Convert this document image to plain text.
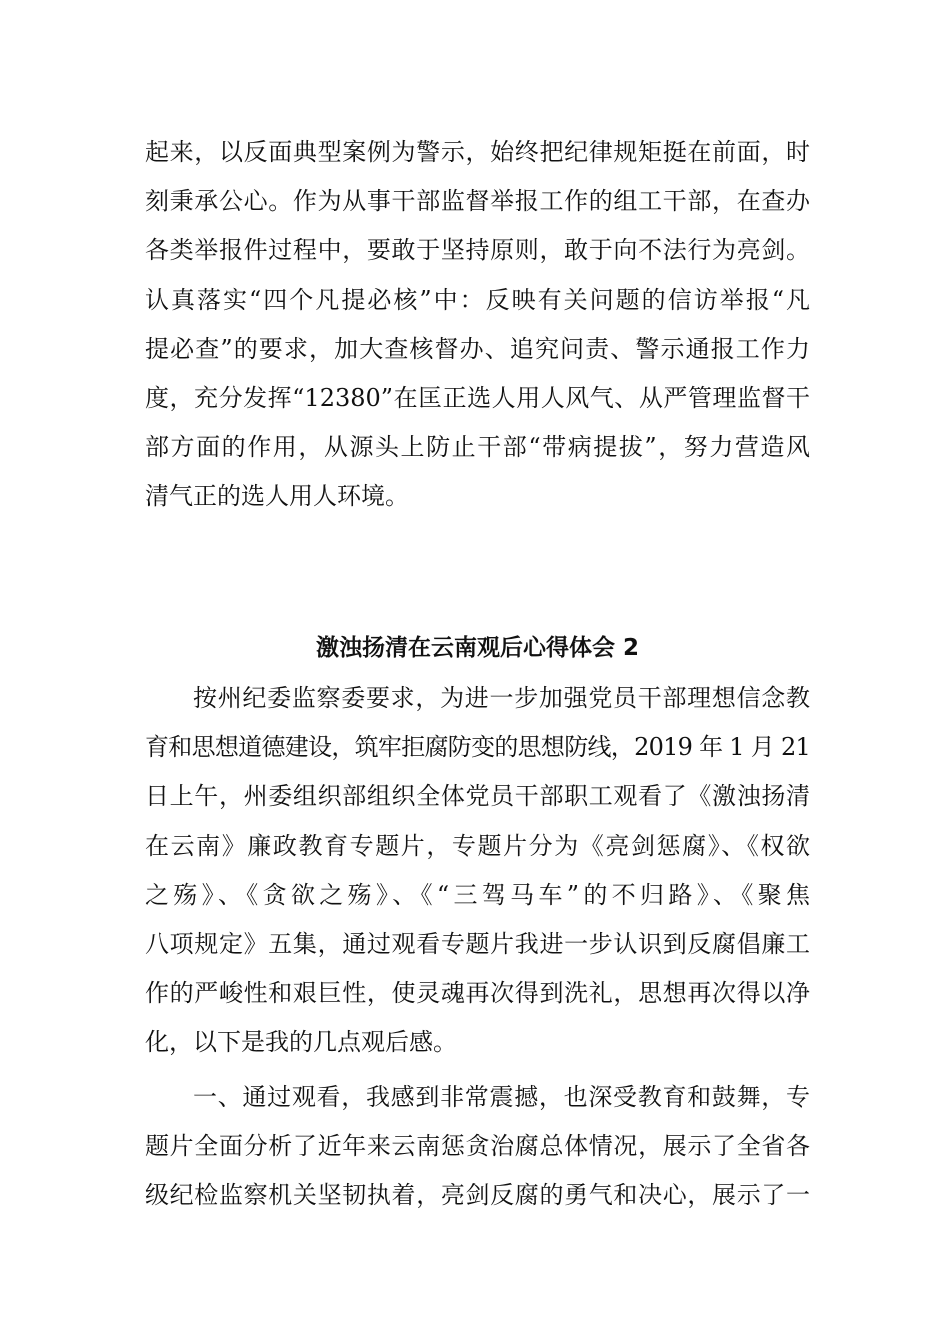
起来，以反面典型案例为警示，始终把纪律规矩挺在前面，时
刻秉承公心。作为从事干部监督举报工作的组工干部，在查办
各类举报件过程中，要敢于坚持原则，敢于向不法行为亮剑。
认真落实“四个凡提必核”中：反映有关问题的信访举报“凡
提必查”的要求，加大查核督办、追究问责、警示通报工作力
度，充分发挥“12380”在匡正选人用人风气、从严管理监督干
部方面的作用，从源头上防止干部“带病提拔”，努力营造风
清气正的选人用人环境。
激浊扬清在云南观后心得体会 2
按州纪委监察委要求，为进一步加强党员干部理想信念教
育和思想道德建设，筑牢拒腐防变的思想防线，2019 年 1 月 21
日上午，州委组织部组织全体党员干部职工观看了《激浊扬清
在云南》廉政教育专题片，专题片分为《亮剑惩腐》、《权欲
之殇》、《贪欲之殇》、《“三驾马车”的不归路》、《聚焦
八项规定》五集，通过观看专题片我进一步认识到反腐倡廉工
作的严峻性和艰巨性，使灵魂再次得到洗礼，思想再次得以净
化，以下是我的几点观后感。
一、通过观看，我感到非常震撼，也深受教育和鼓舞，专
题片全面分析了近年来云南惩贪治腐总体情况，展示了全省各
级纪检监察机关坚韧执着，亮剑反腐的勇气和决心，展示了一
